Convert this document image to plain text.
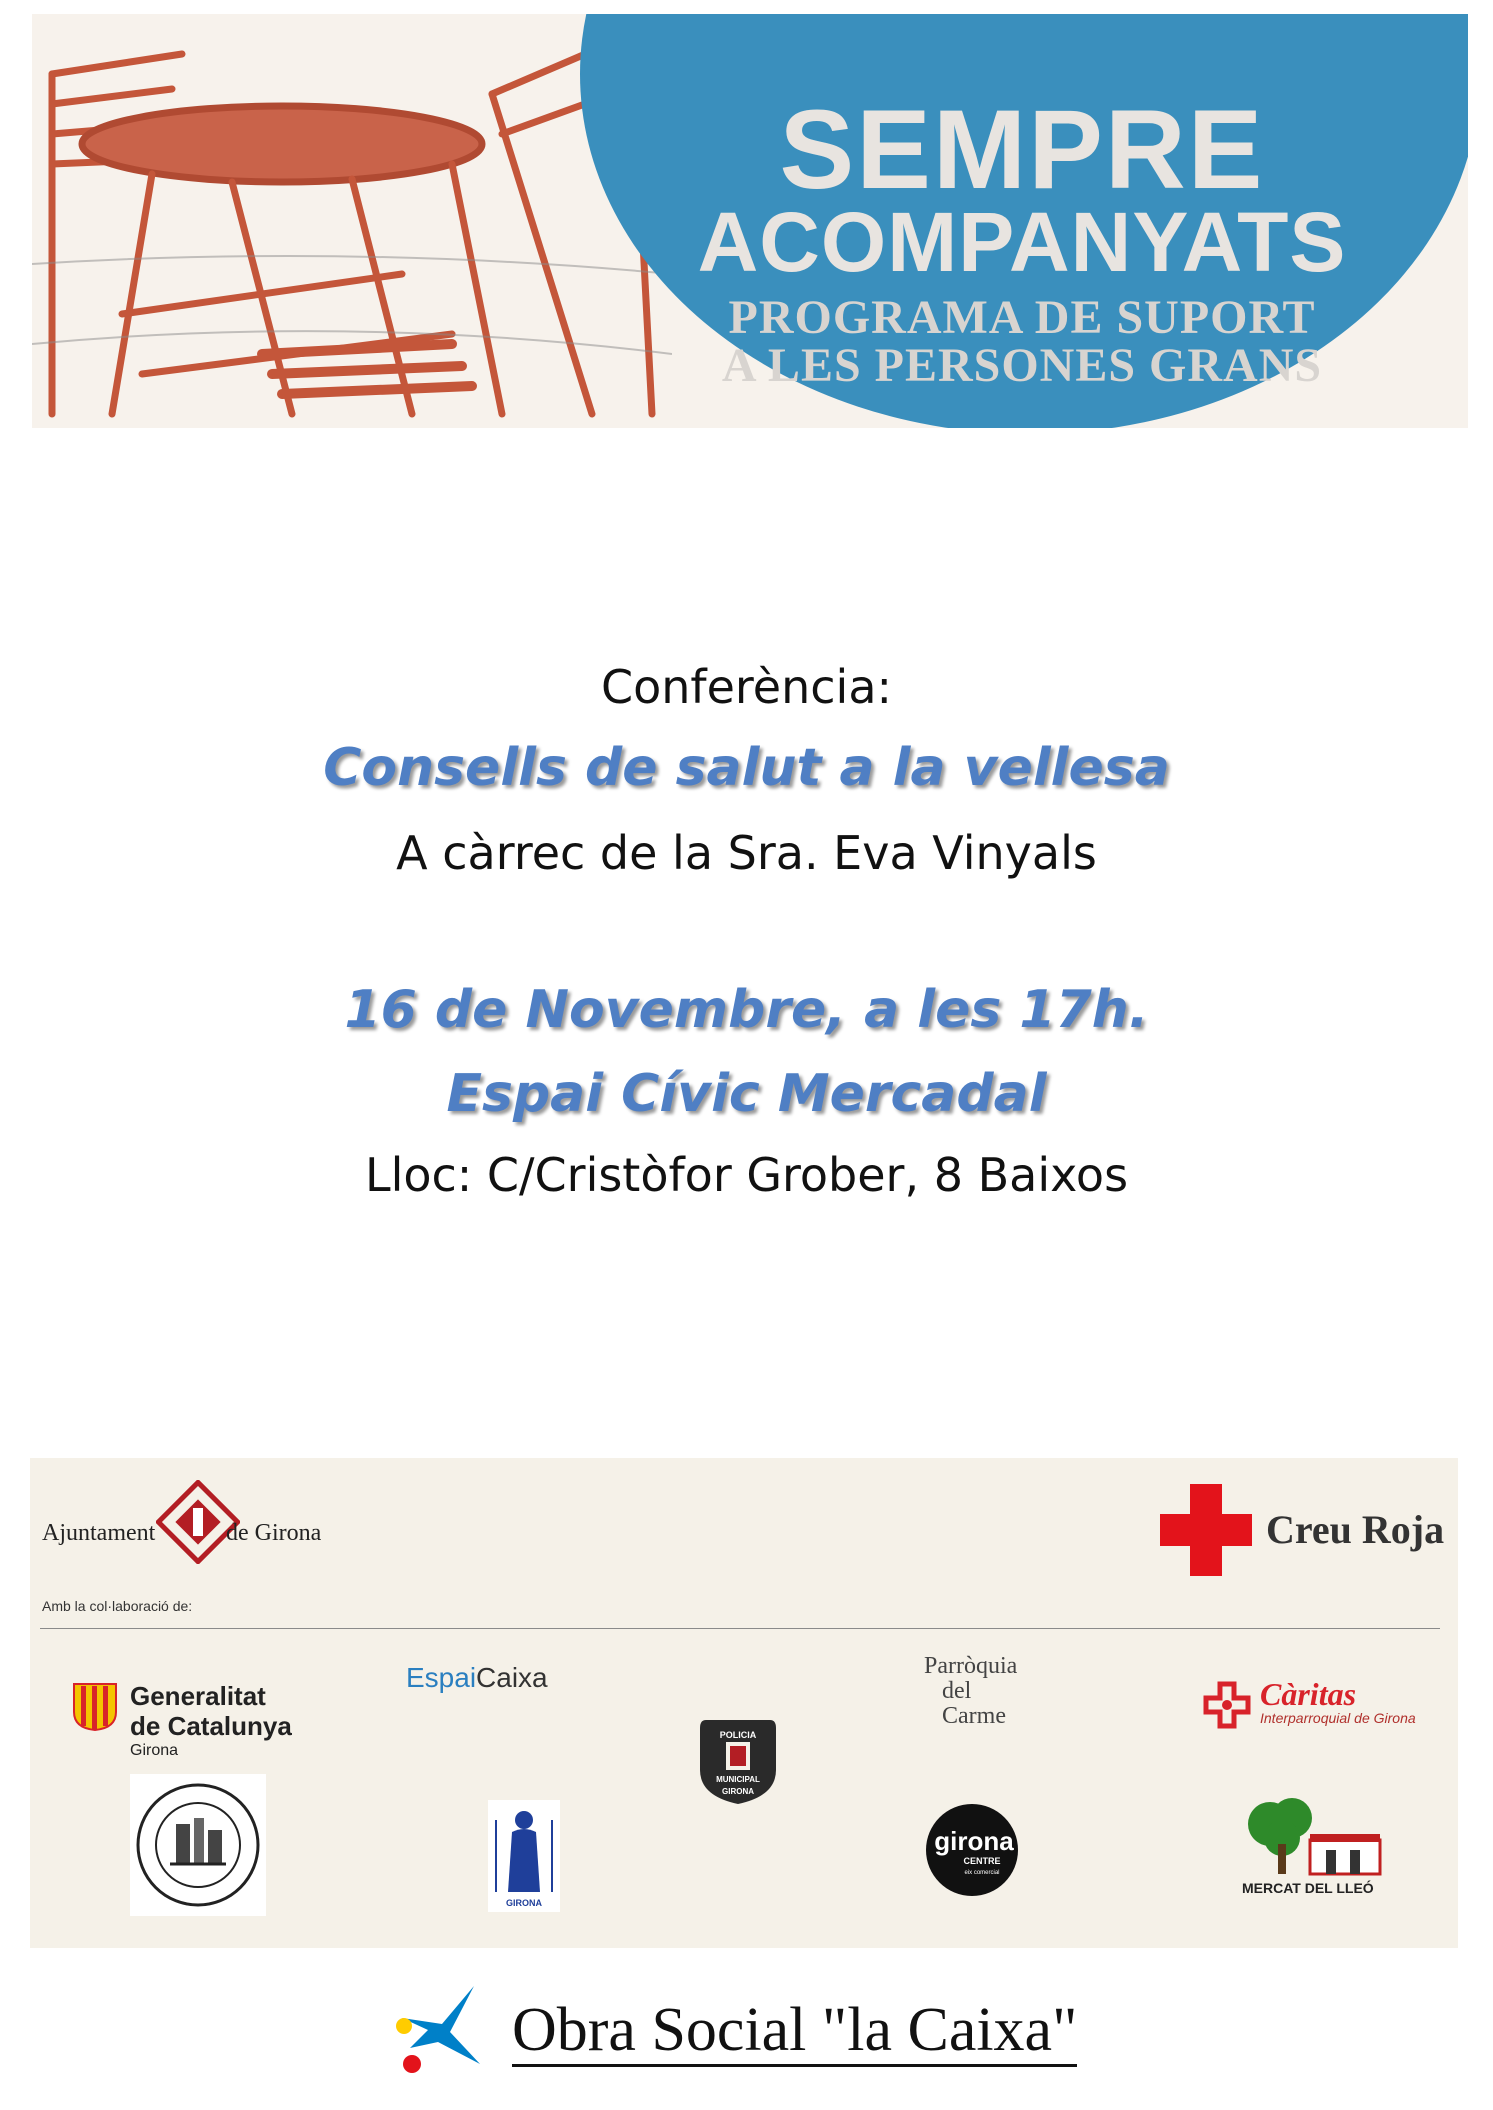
SEMPRE
ACOMPANYATS
PROGRAMA DE SUPORT
A LES PERSONES GRANS
Conferència:
Consells de salut a la vellesa
A càrrec de la Sra. Eva Vinyals
16 de Novembre, a les 17h.
Espai Cívic Mercadal
Lloc: C/Cristòfor Grober, 8 Baixos
Ajuntament	de Girona	Creu Roja
Amb la col·laboració de:
Generalitat
de Catalunya
Girona
EspaiCaixa	Parròquia
del
Carme
Càritas
Interparroquial de Girona
POLICIA
MUNICIPAL
GIRONA
GIRONA
girona
CENTRE
eix comercial
MERCAT DEL LLEÓ
Obra Social "la Caixa"
